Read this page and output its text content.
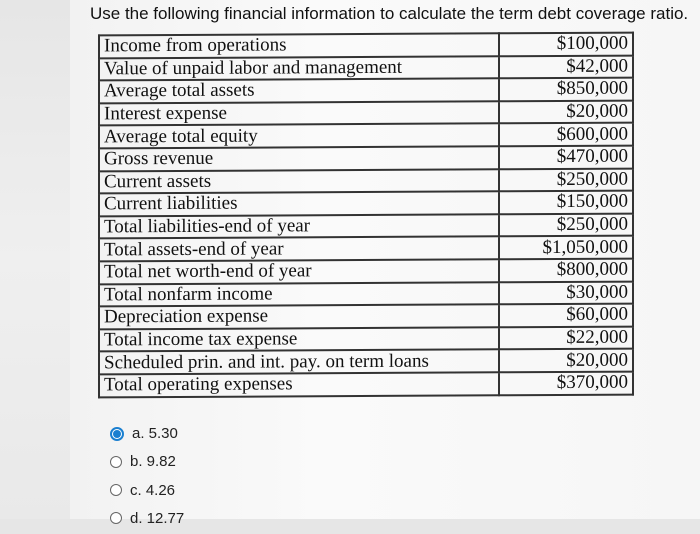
Use the following financial information to calculate the term debt coverage ratio.
Income from operations	$100,000
Value of unpaid labor and management	$42,000
Average total assets	$850,000
Interest expense	$20,000
Average total equity	$600,000
Gross revenue	$470,000
Current assets	$250,000
Current liabilities	$150,000
Total liabilities-end of year	$250,000
Total assets-end of year	$1,050,000
Total net worth-end of year	$800,000
Total nonfarm income	$30,000
Depreciation expense	$60,000
Total income tax expense	$22,000
Scheduled prin. and int. pay. on term loans	$20,000
Total operating expenses	$370,000
a. 5.30
b. 9.82
c. 4.26
d. 12.77
